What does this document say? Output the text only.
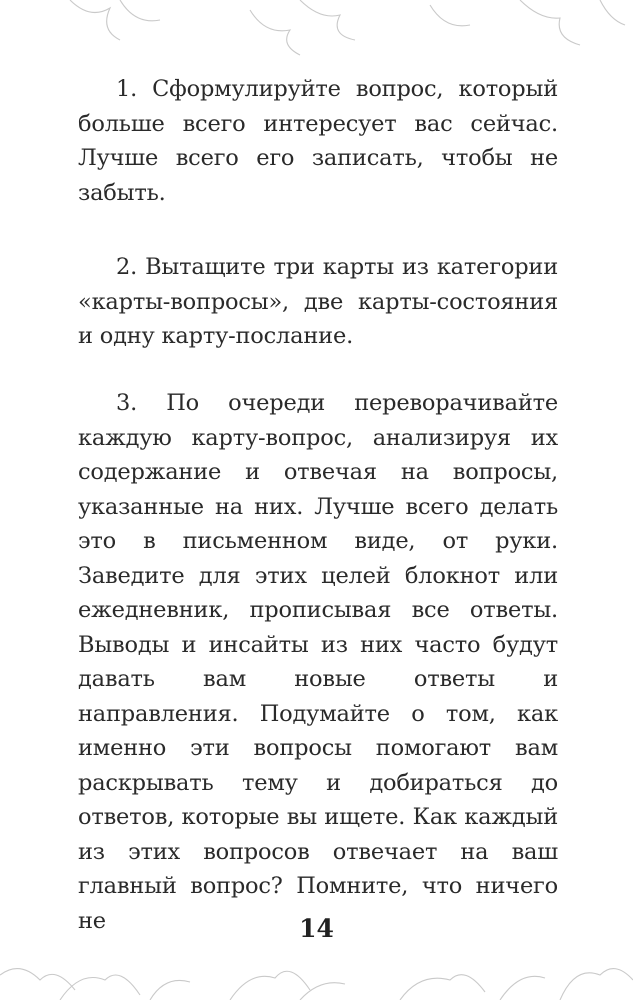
1. Сформулируйте вопрос, который больше всего интересует вас сейчас. Лучше всего его записать, чтобы не забыть.

2. Вытащите три карты из категории «карты-вопросы», две карты-состояния и одну карту-послание.

3. По очереди переворачивайте каждую карту-вопрос, анализируя их содержание и отвечая на вопросы, указанные на них. Лучше всего делать это в письменном виде, от руки. Заведите для этих целей блокнот или ежедневник, прописывая все ответы. Выводы и инсайты из них часто будут давать вам новые ответы и направления. Подумайте о том, как именно эти вопросы помогают вам раскрывать тему и добираться до ответов, которые вы ищете. Как каждый из этих вопросов отвечает на ваш главный вопрос? Помните, что ничего не	14
